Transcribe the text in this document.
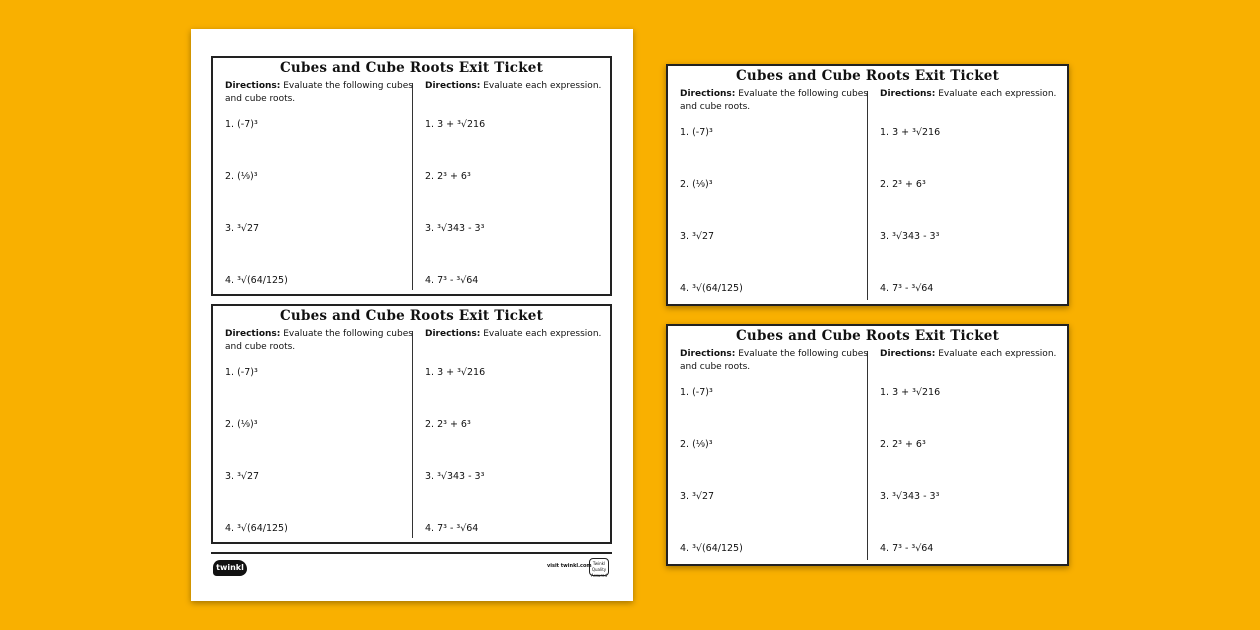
Cubes and Cube Roots Exit Ticket
Directions: Evaluate the following cubes and cube roots.
1. (-7)³
2. (⅑)³
3. ³√27
4. ³√(64/125)
Directions: Evaluate each expression.
1. 3 + ³√216
2. 2³ + 6³
3. ³√343 - 3³
4. 7³ - ³√64
Cubes and Cube Roots Exit Ticket
Directions: Evaluate the following cubes and cube roots.
1. (-7)³
2. (⅑)³
3. ³√27
4. ³√(64/125)
Directions: Evaluate each expression.
1. 3 + ³√216
2. 2³ + 6³
3. ³√343 - 3³
4. 7³ - ³√64
twinkl	visit twinkl.com Twinkl Quality Assured
Cubes and Cube Roots Exit Ticket
Directions: Evaluate the following cubes and cube roots.
1. (-7)³
2. (⅑)³
3. ³√27
4. ³√(64/125)
Directions: Evaluate each expression.
1. 3 + ³√216
2. 2³ + 6³
3. ³√343 - 3³
4. 7³ - ³√64
Cubes and Cube Roots Exit Ticket
Directions: Evaluate the following cubes and cube roots.
1. (-7)³
2. (⅑)³
3. ³√27
4. ³√(64/125)
Directions: Evaluate each expression.
1. 3 + ³√216
2. 2³ + 6³
3. ³√343 - 3³
4. 7³ - ³√64
